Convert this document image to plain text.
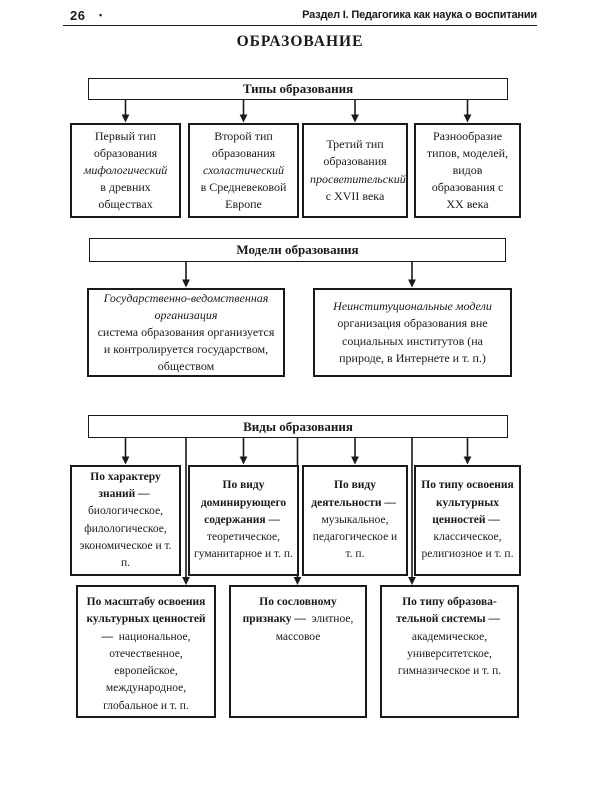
26 •	Раздел I. Педагогика как наука о воспитании
ОБРАЗОВАНИЕ
Типы образования
Первый тип образования
мифологический
в древних обществах
Второй тип образования
схоластический
в Средневековой Европе
Третий тип образования
просветительский
с XVII века
Разнообразие типов, моделей, видов образования с XX века
Модели образования
Государственно-ведомственная организация
система образования организуется и контролируется государством, обществом
Неинституциональные модели
организация образования вне социальных институтов (на природе, в Интернете и т. п.)
Виды образования
По характеру знаний —  биологическое, филологическое, экономическое и т. п.
По виду доминирующего содержания —  теоретическое, гуманитарное и т. п.
По виду деятельности —  музыкальное, педагогическое и т. п.
По типу освоения культурных ценностей —  классическое, религиозное и т. п.
По масштабу освоения культурных ценностей — национальное, отечественное, европейское, международное, глобальное и т. п.
По сословному признаку — элитное, массовое
По типу образовательной системы —  академическое, университетское, гимназическое и т. п.
